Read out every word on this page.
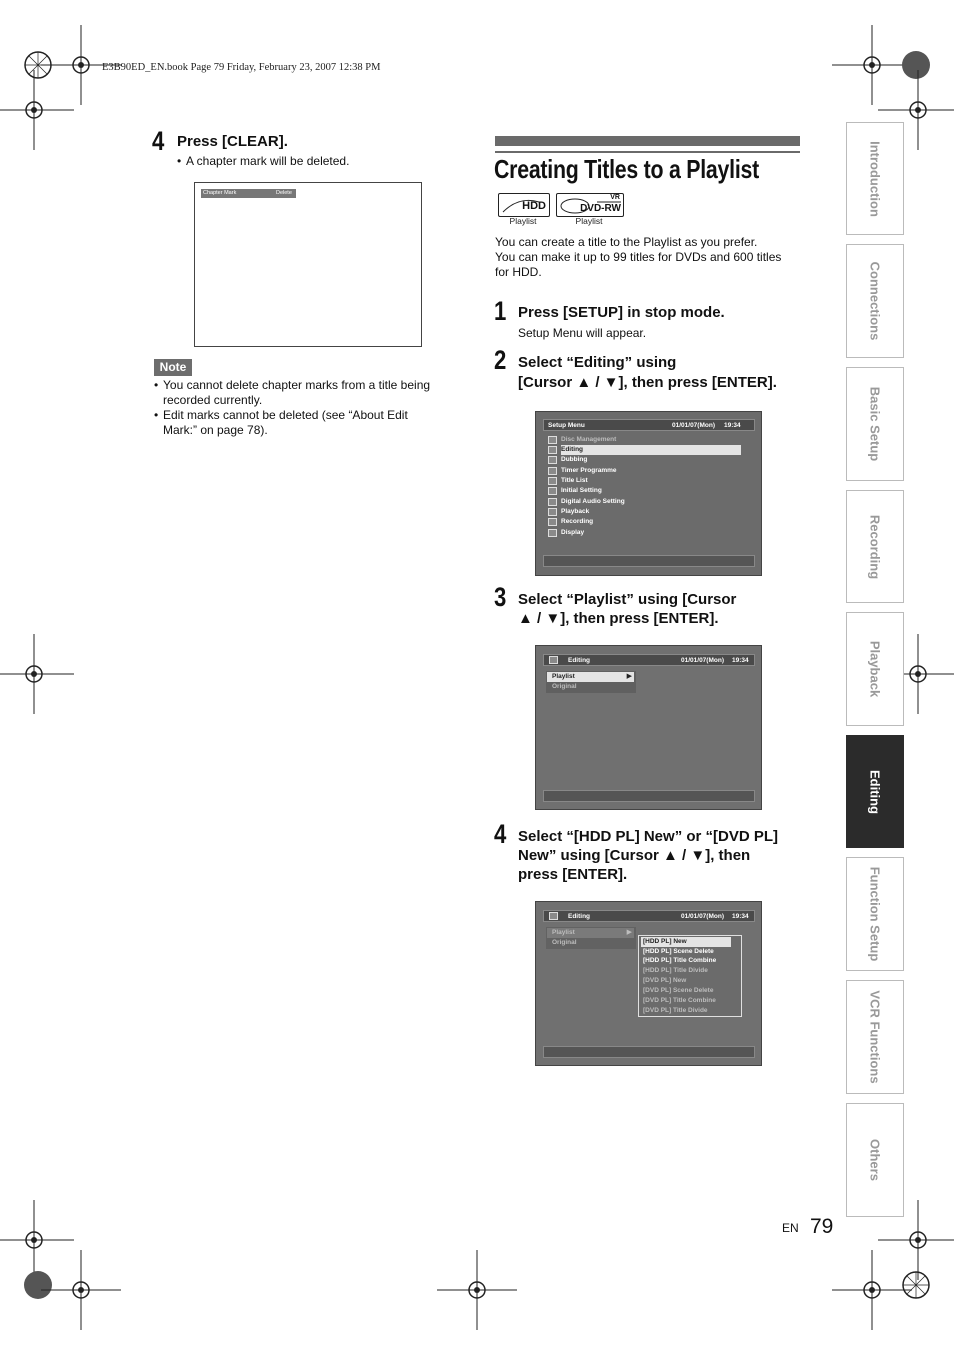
E3B90ED_EN.book Page 79 Friday, February 23, 2007 12:38 PM
4 Press [CLEAR].
• A chapter mark will be deleted.
Chapter Mark	Delete
Note
• You cannot delete chapter marks from a title being recorded currently.
• Edit marks cannot be deleted (see “About Edit Mark:” on page 78).
Creating Titles to a Playlist
HDD
Playlist
VR
DVD-RW
Playlist
You can create a title to the Playlist as you prefer.
You can make it up to 99 titles for DVDs and 600 titles
for HDD.
1 Press [SETUP] in stop mode.
Setup Menu will appear.
2 Select “Editing” using
[Cursor ▲ / ▼], then press [ENTER].
Setup Menu	01/01/07(Mon) 19:34
Disc Management
Editing
Dubbing
Timer Programme
Title List
Initial Setting
Digital Audio Setting
Playback
Recording
Display
3 Select “Playlist” using [Cursor
▲ / ▼], then press [ENTER].
Editing	01/01/07(Mon) 19:34
Playlist	▶
Original
4 Select “[HDD PL] New” or “[DVD PL]
New” using [Cursor ▲ / ▼], then
press [ENTER].
Editing	01/01/07(Mon) 19:34
Playlist	▶
Original	[HDD PL] New
[HDD PL] Scene Delete
[HDD PL] Title Combine
[HDD PL] Title Divide
[DVD PL] New
[DVD PL] Scene Delete
[DVD PL] Title Combine
[DVD PL] Title Divide
Introduction
Connections
Basic Setup
Recording
Playback
Editing
Function Setup
VCR Functions
Others
EN 79
